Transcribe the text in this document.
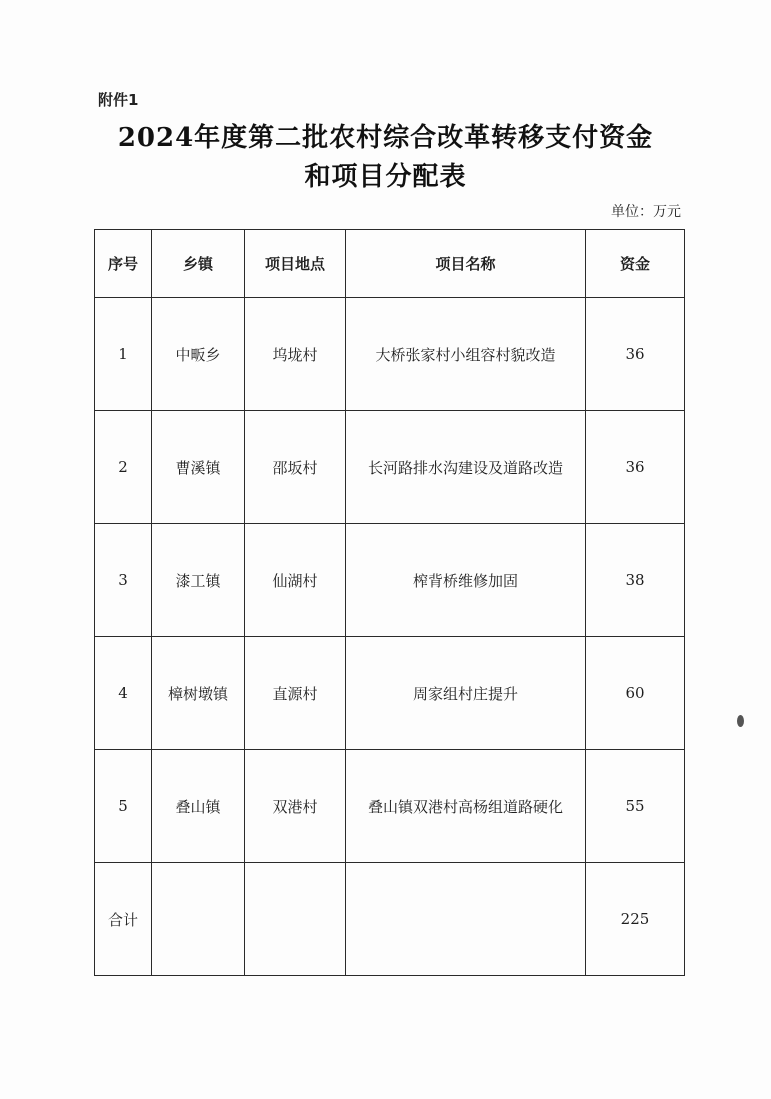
附件1
2024年度第二批农村综合改革转移支付资金
和项目分配表
单位：万元
序号	乡镇	项目地点	项目名称	资金
1	中畈乡	坞垅村	大桥张家村小组容村貌改造	36
2	曹溪镇	邵坂村	长河路排水沟建设及道路改造	36
3	漆工镇	仙湖村	榨背桥维修加固	38
4	樟树墩镇	直源村	周家组村庄提升	60
5	叠山镇	双港村	叠山镇双港村高杨组道路硬化	55
合计				225
